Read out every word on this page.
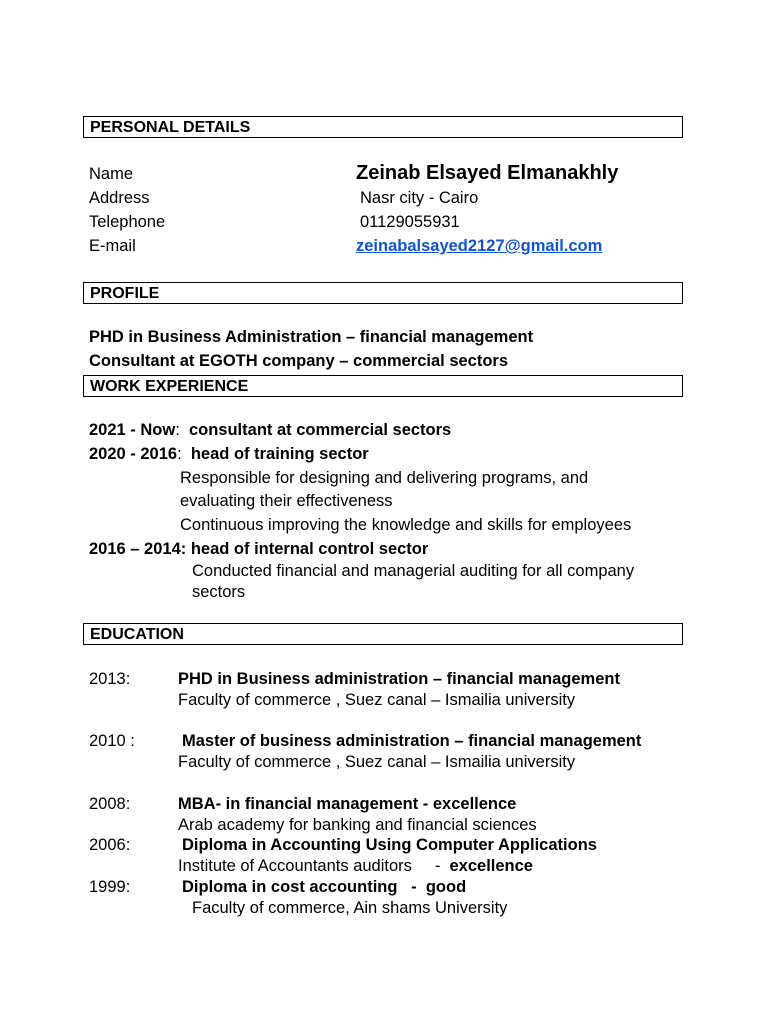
PERSONAL DETAILS
Name	Zeinab Elsayed Elmanakhly
Address	Nasr city - Cairo
Telephone	01129055931
E-mail	zeinabalsayed2127@gmail.com
PROFILE
PHD in Business Administration – financial management
Consultant at EGOTH company – commercial sectors
WORK EXPERIENCE
2021 - Now: consultant at commercial sectors
2020 - 2016: head of training sector
Responsible for designing and delivering programs, and
evaluating their effectiveness
Continuous improving the knowledge and skills for employees
2016 – 2014: head of internal control sector
Conducted financial and managerial auditing for all company
sectors
EDUCATION
2013:	PHD in Business administration – financial management
Faculty of commerce , Suez canal – Ismailia university
2010 :	Master of business administration – financial management
Faculty of commerce , Suez canal – Ismailia university
2008:	MBA- in financial management - excellence
Arab academy for banking and financial sciences
2006:	Diploma in Accounting Using Computer Applications
Institute of Accountants auditors     - excellence
1999:	Diploma in cost accounting   -  good
Faculty of commerce, Ain shams University
